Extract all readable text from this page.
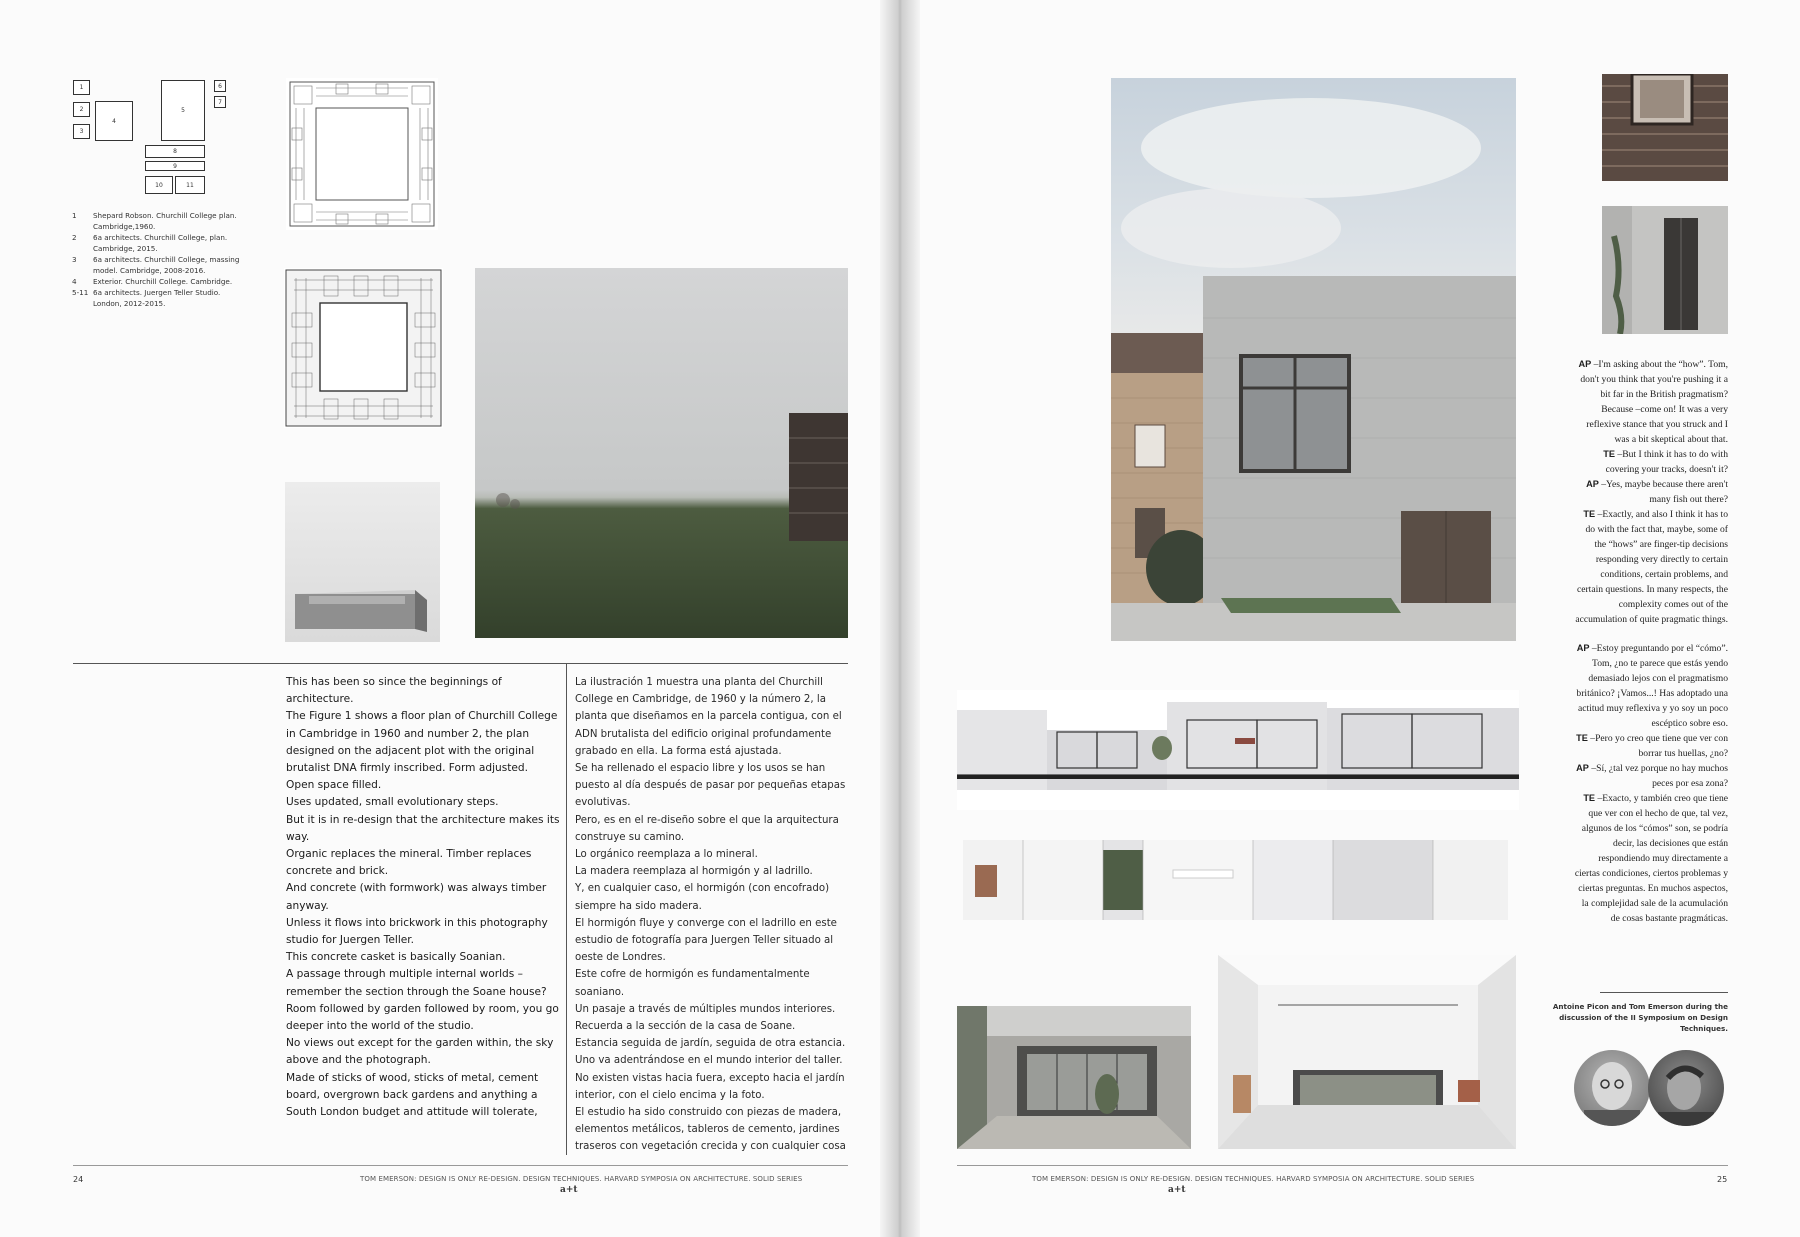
1
2
3
4
5
6
7
8
9
10	11
1	Shepard Robson. Churchill College plan. Cambridge,1960.
2	6a architects. Churchill College, plan. Cambridge, 2015.
3	6a architects. Churchill College, massing model. Cambridge, 2008-2016.
4	Exterior. Churchill College. Cambridge.
5-11 6a architects. Juergen Teller Studio. London, 2012-2015.

This has been so since the beginnings of architecture.

The Figure 1 shows a floor plan of Churchill College in Cambridge in 1960 and number 2, the plan designed on the adjacent plot with the original brutalist DNA firmly inscribed. Form adjusted.

Open space filled.

Uses updated, small evolutionary steps.

But it is in re-design that the architecture makes its way.

Organic replaces the mineral. Timber replaces concrete and brick.

And concrete (with formwork) was always timber anyway.

Unless it flows into brickwork in this photography studio for Juergen Teller.

This concrete casket is basically Soanian.

A passage through multiple internal worlds –remember the section through the Soane house?

Room followed by garden followed by room, you go deeper into the world of the studio.

No views out except for the garden within, the sky above and the photograph.

Made of sticks of wood, sticks of metal, cement board, overgrown back gardens and anything a South London budget and attitude will tolerate,

La ilustración 1 muestra una planta del Churchill College en Cambridge, de 1960 y la número 2, la planta que diseñamos en la parcela contigua, con el ADN brutalista del edificio original profundamente grabado en ella. La forma está ajustada.

Se ha rellenado el espacio libre y los usos se han puesto al día después de pasar por pequeñas etapas evolutivas.

Pero, es en el re-diseño sobre el que la arquitectura construye su camino.

Lo orgánico reemplaza a lo mineral.

La madera reemplaza al hormigón y al ladrillo.

Y, en cualquier caso, el hormigón (con encofrado) siempre ha sido madera.

El hormigón fluye y converge con el ladrillo en este estudio de fotografía para Juergen Teller situado al oeste de Londres.

Este cofre de hormigón es fundamentalmente soaniano.

Un pasaje a través de múltiples mundos interiores. Recuerda a la sección de la casa de Soane.

Estancia seguida de jardín, seguida de otra estancia. Uno va adentrándose en el mundo interior del taller.

No existen vistas hacia fuera, excepto hacia el jardín interior, con el cielo encima y la foto.

El estudio ha sido construido con piezas de madera, elementos metálicos, tableros de cemento, jardines traseros con vegetación crecida y con cualquier cosa

24	TOM EMERSON: DESIGN IS ONLY RE-DESIGN. DESIGN TECHNIQUES. HARVARD SYMPOSIA ON ARCHITECTURE. SOLID SERIES
a+t

AP –I'm asking about the “how”. Tom, don't you think that you're pushing it a bit far in the British pragmatism? Because –come on! It was a very reflexive stance that you struck and I was a bit skeptical about that.

TE –But I think it has to do with covering your tracks, doesn't it?

AP –Yes, maybe because there aren't many fish out there?

TE –Exactly, and also I think it has to do with the fact that, maybe, some of the “hows” are finger-tip decisions responding very directly to certain conditions, certain problems, and certain questions. In many respects, the complexity comes out of the accumulation of quite pragmatic things.

AP –Estoy preguntando por el “cómo”. Tom, ¿no te parece que estás yendo demasiado lejos con el pragmatismo británico? ¡Vamos...! Has adoptado una actitud muy reflexiva y yo soy un poco escéptico sobre eso.

TE –Pero yo creo que tiene que ver con borrar tus huellas, ¿no?

AP –Sí, ¿tal vez porque no hay muchos peces por esa zona?

TE –Exacto, y también creo que tiene que ver con el hecho de que, tal vez, algunos de los “cómos” son, se podría decir, las decisiones que están respondiendo muy directamente a ciertas condiciones, ciertos problemas y ciertas preguntas. En muchos aspectos, la complejidad sale de la acumulación de cosas bastante pragmáticas.

Antoine Picon and Tom Emerson during the discussion of the II Symposium on Design Techniques.
TOM EMERSON: DESIGN IS ONLY RE-DESIGN. DESIGN TECHNIQUES. HARVARD SYMPOSIA ON ARCHITECTURE. SOLID SERIES
a+t
25
